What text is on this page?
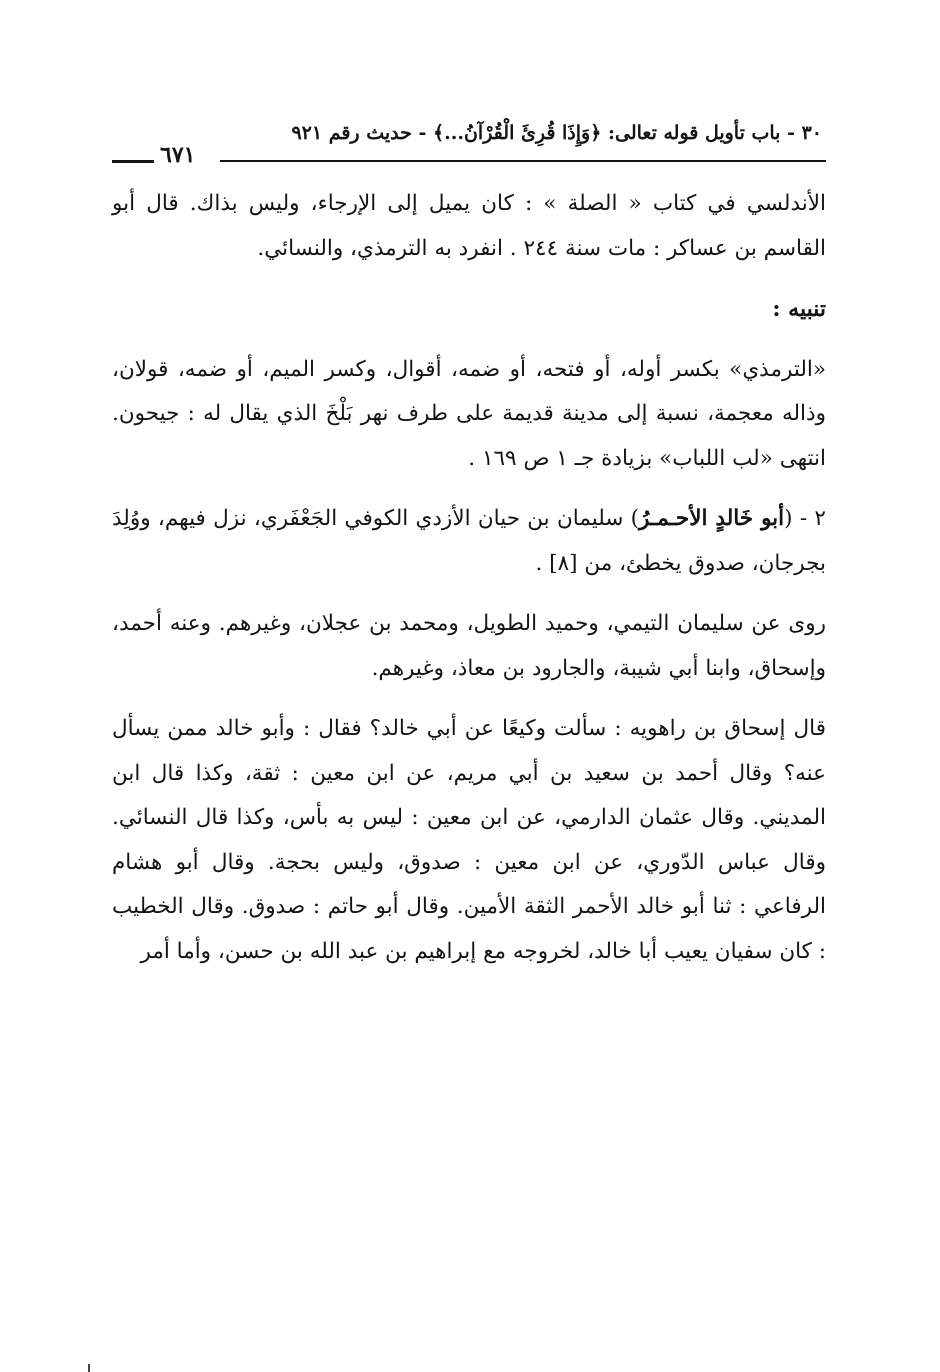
٣٠ - باب تأويل قوله تعالى: ﴿وَإِذَا قُرِئَ الْقُرْآنُ...﴾ - حديث رقم ٩٢١
٦٧١

الأندلسي في كتاب « الصلة » : كان يميل إلى الإرجاء، وليس بذاك. قال أبو القاسم بن عساكر : مات سنة ٢٤٤ . انفرد به الترمذي، والنسائي.

تنبيه :

«الترمذي» بكسر أوله، أو فتحه، أو ضمه، أقوال، وكسر الميم، أو ضمه، قولان، وذاله معجمة، نسبة إلى مدينة قديمة على طرف نهر بَلْخَ الذي يقال له : جيحون. انتهى «لب اللباب» بزيادة جـ ١ ص ١٦٩ .

٢ - (أبو خَالدٍ الأحـمـرُ) سليمان بن حيان الأزدي الكوفي الجَعْفَري، نزل فيهم، ووُلِدَ بجرجان، صدوق يخطئ، من [٨] .

روى عن سليمان التيمي، وحميد الطويل، ومحمد بن عجلان، وغيرهم. وعنه أحمد، وإسحاق، وابنا أبي شيبة، والجارود بن معاذ، وغيرهم.

قال إسحاق بن راهويه : سألت وكيعًا عن أبي خالد؟ فقال : وأبو خالد ممن يسأل عنه؟ وقال أحمد بن سعيد بن أبي مريم، عن ابن معين : ثقة، وكذا قال ابن المديني. وقال عثمان الدارمي، عن ابن معين : ليس به بأس، وكذا قال النسائي. وقال عباس الدّوري، عن ابن معين : صدوق، وليس بحجة. وقال أبو هشام الرفاعي : ثنا أبو خالد الأحمر الثقة الأمين. وقال أبو حاتم : صدوق. وقال الخطيب : كان سفيان يعيب أبا خالد، لخروجه مع إبراهيم بن عبد الله بن حسن، وأما أمر
